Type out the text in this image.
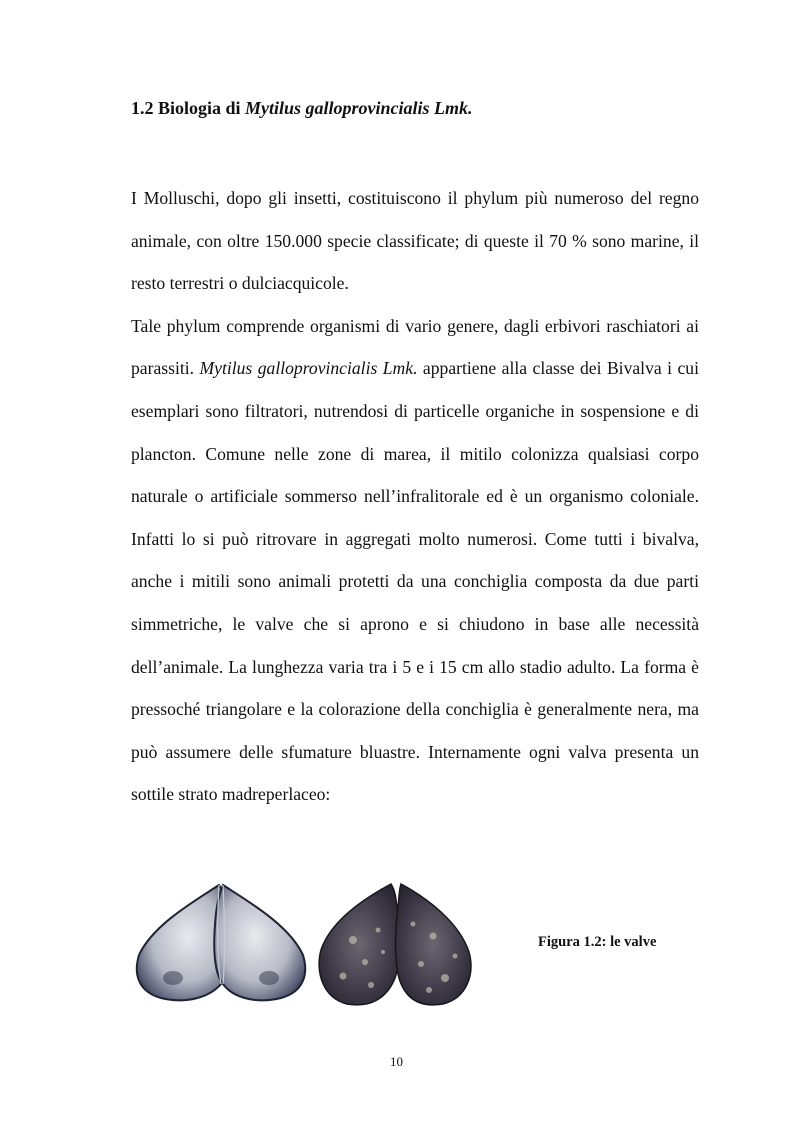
1.2 Biologia di Mytilus galloprovincialis Lmk.

I Molluschi, dopo gli insetti, costituiscono il phylum più numeroso del regno animale, con oltre 150.000 specie classificate; di queste il 70 % sono marine, il resto terrestri o dulciacquicole.

Tale phylum comprende organismi di vario genere, dagli erbivori raschiatori ai parassiti. Mytilus galloprovincialis Lmk. appartiene alla classe dei Bivalva i cui esemplari sono filtratori, nutrendosi di particelle organiche in sospensione e di plancton. Comune nelle zone di marea, il mitilo colonizza qualsiasi corpo naturale o artificiale sommerso nell’infralitorale ed è un organismo coloniale. Infatti lo si può ritrovare in aggregati molto numerosi. Come tutti i bivalva, anche i mitili sono animali protetti da una conchiglia composta da due parti simmetriche, le valve che si aprono e si chiudono in base alle necessità dell’animale. La lunghezza varia tra i 5 e i 15 cm allo stadio adulto. La forma è pressoché triangolare e la colorazione della conchiglia è generalmente nera, ma può assumere delle sfumature bluastre. Internamente ogni valva presenta un sottile strato madreperlaceo:

Figura 1.2: le valve
10
